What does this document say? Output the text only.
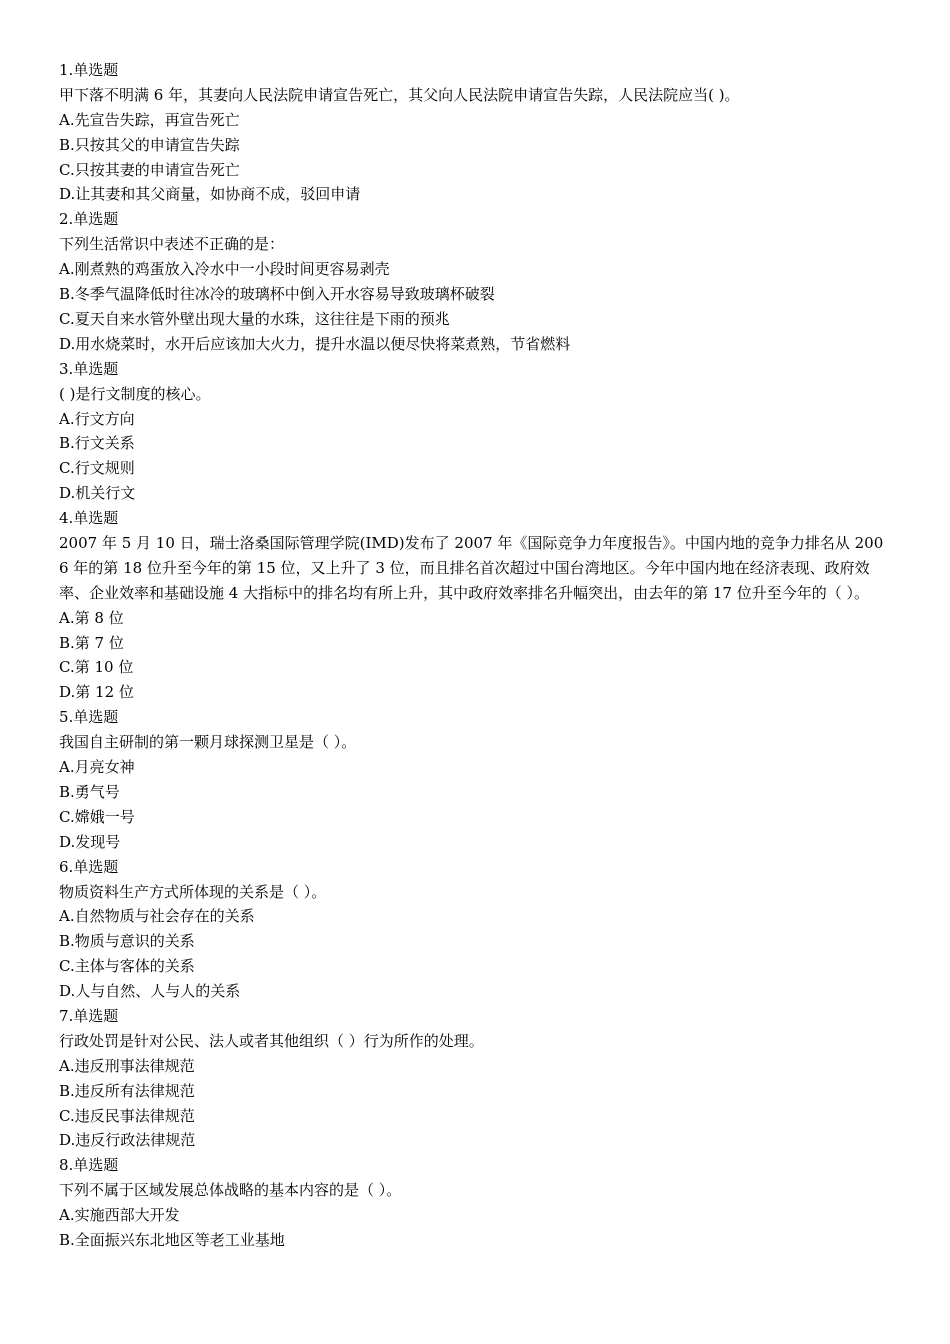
1.单选题
甲下落不明满 6 年，其妻向人民法院申请宣告死亡，其父向人民法院申请宣告失踪，人民法院应当( )。
A.先宣告失踪，再宣告死亡
B.只按其父的申请宣告失踪
C.只按其妻的申请宣告死亡
D.让其妻和其父商量，如协商不成，驳回申请
2.单选题
下列生活常识中表述不正确的是：
A.刚煮熟的鸡蛋放入冷水中一小段时间更容易剥壳
B.冬季气温降低时往冰冷的玻璃杯中倒入开水容易导致玻璃杯破裂
C.夏天自来水管外壁出现大量的水珠，这往往是下雨的预兆
D.用水烧菜时，水开后应该加大火力，提升水温以便尽快将菜煮熟，节省燃料
3.单选题
( )是行文制度的核心。
A.行文方向
B.行文关系
C.行文规则
D.机关行文
4.单选题
2007 年 5 月 10 日，瑞士洛桑国际管理学院(IMD)发布了 2007 年《国际竞争力年度报告》。中国内地的竞争力排名从 2006 年的第 18 位升至今年的第 15 位，又上升了 3 位，而且排名首次超过中国台湾地区。今年中国内地在经济表现、政府效率、企业效率和基础设施 4 大指标中的排名均有所上升，其中政府效率排名升幅突出，由去年的第 17 位升至今年的（ ）。
A.第 8 位
B.第 7 位
C.第 10 位
D.第 12 位
5.单选题
我国自主研制的第一颗月球探测卫星是（ ）。
A.月亮女神
B.勇气号
C.嫦娥一号
D.发现号
6.单选题
物质资料生产方式所体现的关系是（ ）。
A.自然物质与社会存在的关系
B.物质与意识的关系
C.主体与客体的关系
D.人与自然、人与人的关系
7.单选题
行政处罚是针对公民、法人或者其他组织（ ）行为所作的处理。
A.违反刑事法律规范
B.违反所有法律规范
C.违反民事法律规范
D.违反行政法律规范
8.单选题
下列不属于区域发展总体战略的基本内容的是（ ）。
A.实施西部大开发
B.全面振兴东北地区等老工业基地
